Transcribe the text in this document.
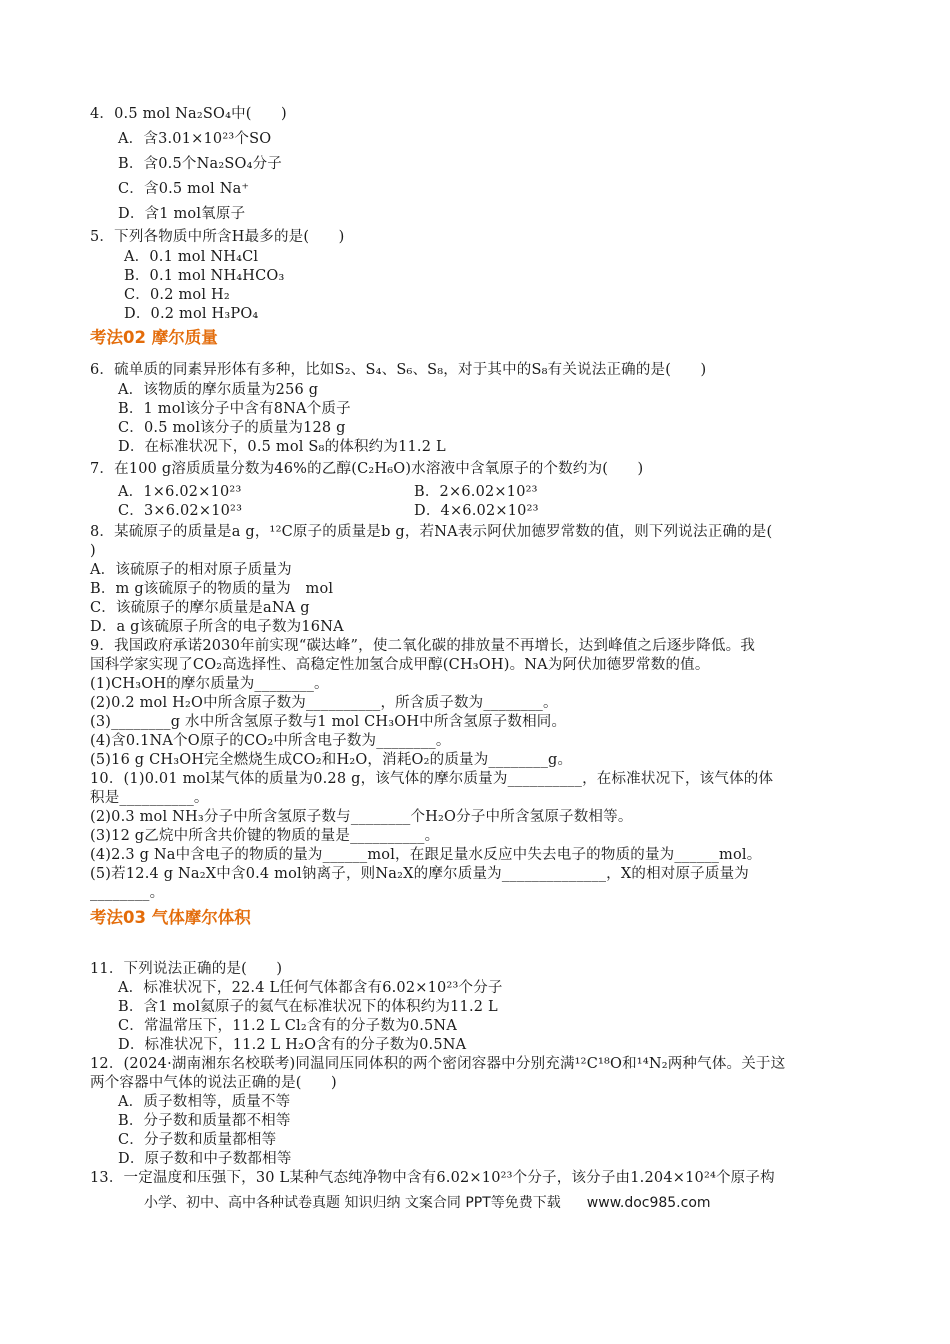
4．0.5 mol Na₂SO₄中(　　)
A．含3.01×10²³个SO
B．含0.5个Na₂SO₄分子
C．含0.5 mol Na⁺
D．含1 mol氧原子
5．下列各物质中所含H最多的是(　　)
A．0.1 mol NH₄Cl
B．0.1 mol NH₄HCO₃
C．0.2 mol H₂
D．0.2 mol H₃PO₄
6．硫单质的同素异形体有多种，比如S₂、S₄、S₆、S₈，对于其中的S₈有关说法正确的是(　　)
A．该物质的摩尔质量为256 g
B．1 mol该分子中含有8NA个质子
C．0.5 mol该分子的质量为128 g
D．在标准状况下，0.5 mol S₈的体积约为11.2 L
7．在100 g溶质质量分数为46%的乙醇(C₂H₆O)水溶液中含氧原子的个数约为(　　)
A．1×6.02×10²³	B．2×6.02×10²³
C．3×6.02×10²³	D．4×6.02×10²³
8．某硫原子的质量是a g，¹²C原子的质量是b g，若NA表示阿伏加德罗常数的值，则下列说法正确的是(
)
A．该硫原子的相对原子质量为
B．m g该硫原子的物质的量为　mol
C．该硫原子的摩尔质量是aNA g
D．a g该硫原子所含的电子数为16NA
9．我国政府承诺2030年前实现“碳达峰”，使二氧化碳的排放量不再增长，达到峰值之后逐步降低。我
国科学家实现了CO₂高选择性、高稳定性加氢合成甲醇(CH₃OH)。NA为阿伏加德罗常数的值。
(1)CH₃OH的摩尔质量为________。
(2)0.2 mol H₂O中所含原子数为__________，所含质子数为________。
(3)________g 水中所含氢原子数与1 mol CH₃OH中所含氢原子数相同。
(4)含0.1NA个O原子的CO₂中所含电子数为________。
(5)16 g CH₃OH完全燃烧生成CO₂和H₂O，消耗O₂的质量为________g。
10．(1)0.01 mol某气体的质量为0.28 g，该气体的摩尔质量为__________，在标准状况下，该气体的体
积是__________。
(2)0.3 mol NH₃分子中所含氢原子数与________个H₂O分子中所含氢原子数相等。
(3)12 g乙烷中所含共价键的物质的量是__________。
(4)2.3 g Na中含电子的物质的量为______mol，在跟足量水反应中失去电子的物质的量为______mol。
(5)若12.4 g Na₂X中含0.4 mol钠离子，则Na₂X的摩尔质量为______________，X的相对原子质量为
________。
11．下列说法正确的是(　　)
A．标准状况下，22.4 L任何气体都含有6.02×10²³个分子
B．含1 mol氦原子的氦气在标准状况下的体积约为11.2 L
C．常温常压下，11.2 L Cl₂含有的分子数为0.5NA
D．标准状况下，11.2 L H₂O含有的分子数为0.5NA
12．(2024·湖南湘东名校联考)同温同压同体积的两个密闭容器中分别充满¹²C¹⁸O和¹⁴N₂两种气体。关于这
两个容器中气体的说法正确的是(　　)
A．质子数相等，质量不等
B．分子数和质量都不相等
C．分子数和质量都相等
D．原子数和中子数都相等
13．一定温度和压强下，30 L某种气态纯净物中含有6.02×10²³个分子，该分子由1.204×10²⁴个原子构
考法02 摩尔质量
考法03 气体摩尔体积
小学、初中、高中各种试卷真题 知识归纳 文案合同 PPT等免费下载 www.doc985.com
